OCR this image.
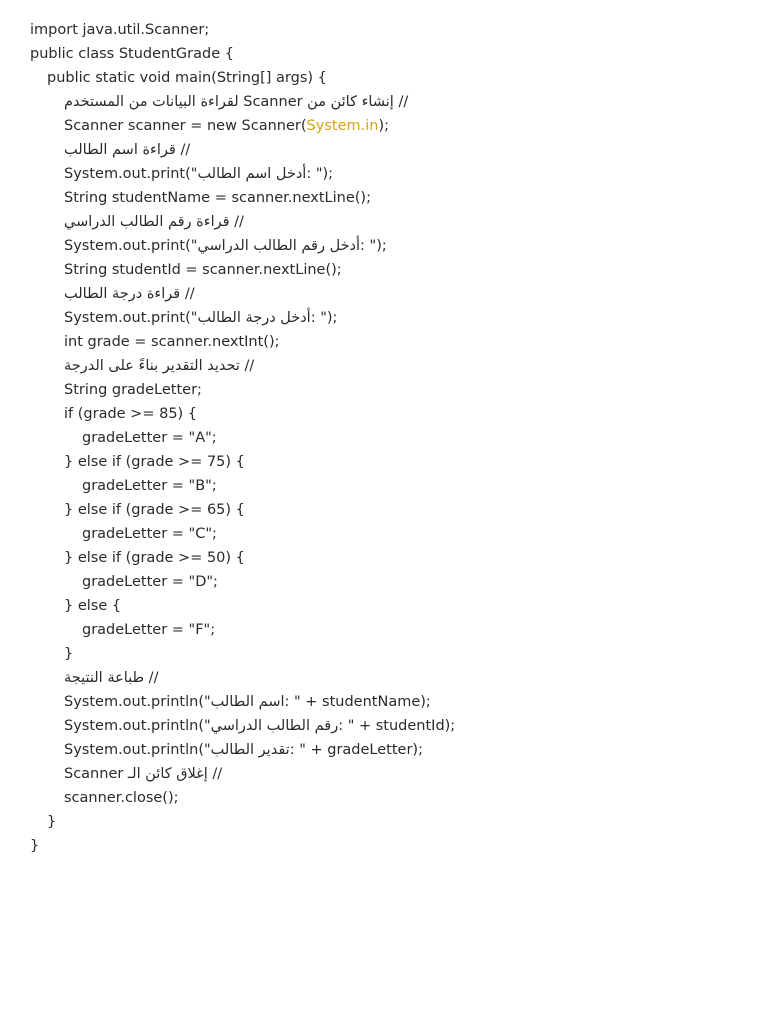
import java.util.Scanner;
public class StudentGrade {
public static void main(String[] args) {
// إنشاء كائن من Scanner لقراءة البيانات من المستخدم
Scanner scanner = new Scanner(System.in);
// قراءة اسم الطالب
System.out.print("أدخل اسم الطالب: ");
String studentName = scanner.nextLine();
// قراءة رقم الطالب الدراسي
System.out.print("أدخل رقم الطالب الدراسي: ");
String studentId = scanner.nextLine();
// قراءة درجة الطالب
System.out.print("أدخل درجة الطالب: ");
int grade = scanner.nextInt();
// تحديد التقدير بناءً على الدرجة
String gradeLetter;
if (grade >= 85) {
gradeLetter = "A";
} else if (grade >= 75) {
gradeLetter = "B";
} else if (grade >= 65) {
gradeLetter = "C";
} else if (grade >= 50) {
gradeLetter = "D";
} else {
gradeLetter = "F";
}
// طباعة النتيجة
System.out.println("اسم الطالب: " + studentName);
System.out.println("رقم الطالب الدراسي: " + studentId);
System.out.println("تقدير الطالب: " + gradeLetter);
// إغلاق كائن الـ Scanner
scanner.close();
}
}
